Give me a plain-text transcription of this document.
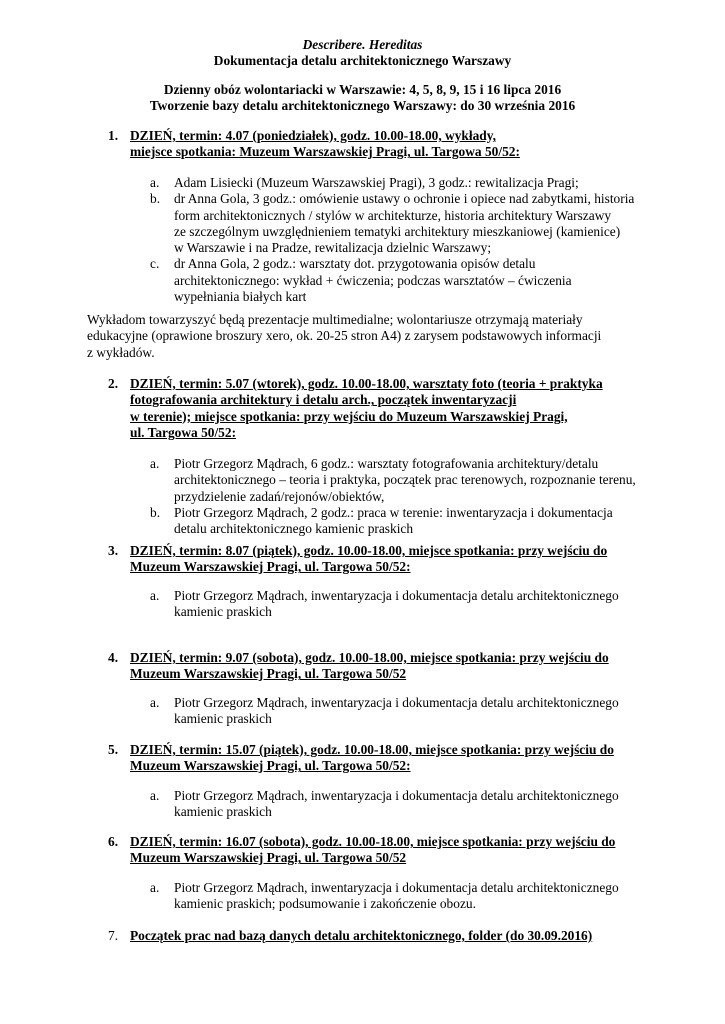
Describere. Hereditas
Dokumentacja detalu architektonicznego Warszawy
Dzienny obóz wolontariacki w Warszawie: 4, 5, 8, 9, 15 i 16 lipca 2016
Tworzenie bazy detalu architektonicznego Warszawy: do 30 września 2016
1. DZIEŃ, termin: 4.07 (poniedziałek), godz. 10.00-18.00, wykłady,
miejsce spotkania: Muzeum Warszawskiej Pragi, ul. Targowa 50/52:
a. Adam Lisiecki (Muzeum Warszawskiej Pragi), 3 godz.: rewitalizacja Pragi;
b. dr Anna Gola, 3 godz.: omówienie ustawy o ochronie i opiece nad zabytkami, historia
form architektonicznych / stylów w architekturze, historia architektury Warszawy
ze szczególnym uwzględnieniem tematyki architektury mieszkaniowej (kamienice)
w Warszawie i na Pradze, rewitalizacja dzielnic Warszawy;
c. dr Anna Gola, 2 godz.: warsztaty dot. przygotowania opisów detalu
architektonicznego: wykład + ćwiczenia; podczas warsztatów – ćwiczenia
wypełniania białych kart
Wykładom towarzyszyć będą prezentacje multimedialne; wolontariusze otrzymają materiały
edukacyjne (oprawione broszury xero, ok. 20-25 stron A4) z zarysem podstawowych informacji
z wykładów.
2. DZIEŃ, termin: 5.07 (wtorek), godz. 10.00-18.00, warsztaty foto (teoria + praktyka
fotografowania architektury i detalu arch., początek inwentaryzacji
w terenie); miejsce spotkania: przy wejściu do Muzeum Warszawskiej Pragi,
ul. Targowa 50/52:
a. Piotr Grzegorz Mądrach, 6 godz.: warsztaty fotografowania architektury/detalu
architektonicznego – teoria i praktyka, początek prac terenowych, rozpoznanie terenu,
przydzielenie zadań/rejonów/obiektów,
b. Piotr Grzegorz Mądrach, 2 godz.: praca w terenie: inwentaryzacja i dokumentacja
detalu architektonicznego kamienic praskich
3. DZIEŃ, termin: 8.07 (piątek), godz. 10.00-18.00, miejsce spotkania: przy wejściu do
Muzeum Warszawskiej Pragi, ul. Targowa 50/52:
a. Piotr Grzegorz Mądrach, inwentaryzacja i dokumentacja detalu architektonicznego
kamienic praskich
4. DZIEŃ, termin: 9.07 (sobota), godz. 10.00-18.00, miejsce spotkania: przy wejściu do
Muzeum Warszawskiej Pragi, ul. Targowa 50/52
a. Piotr Grzegorz Mądrach, inwentaryzacja i dokumentacja detalu architektonicznego
kamienic praskich
5. DZIEŃ, termin: 15.07 (piątek), godz. 10.00-18.00, miejsce spotkania: przy wejściu do
Muzeum Warszawskiej Pragi, ul. Targowa 50/52:
a. Piotr Grzegorz Mądrach, inwentaryzacja i dokumentacja detalu architektonicznego
kamienic praskich
6. DZIEŃ, termin: 16.07 (sobota), godz. 10.00-18.00, miejsce spotkania: przy wejściu do
Muzeum Warszawskiej Pragi, ul. Targowa 50/52
a. Piotr Grzegorz Mądrach, inwentaryzacja i dokumentacja detalu architektonicznego
kamienic praskich; podsumowanie i zakończenie obozu.
7. Początek prac nad bazą danych detalu architektonicznego, folder (do 30.09.2016)
